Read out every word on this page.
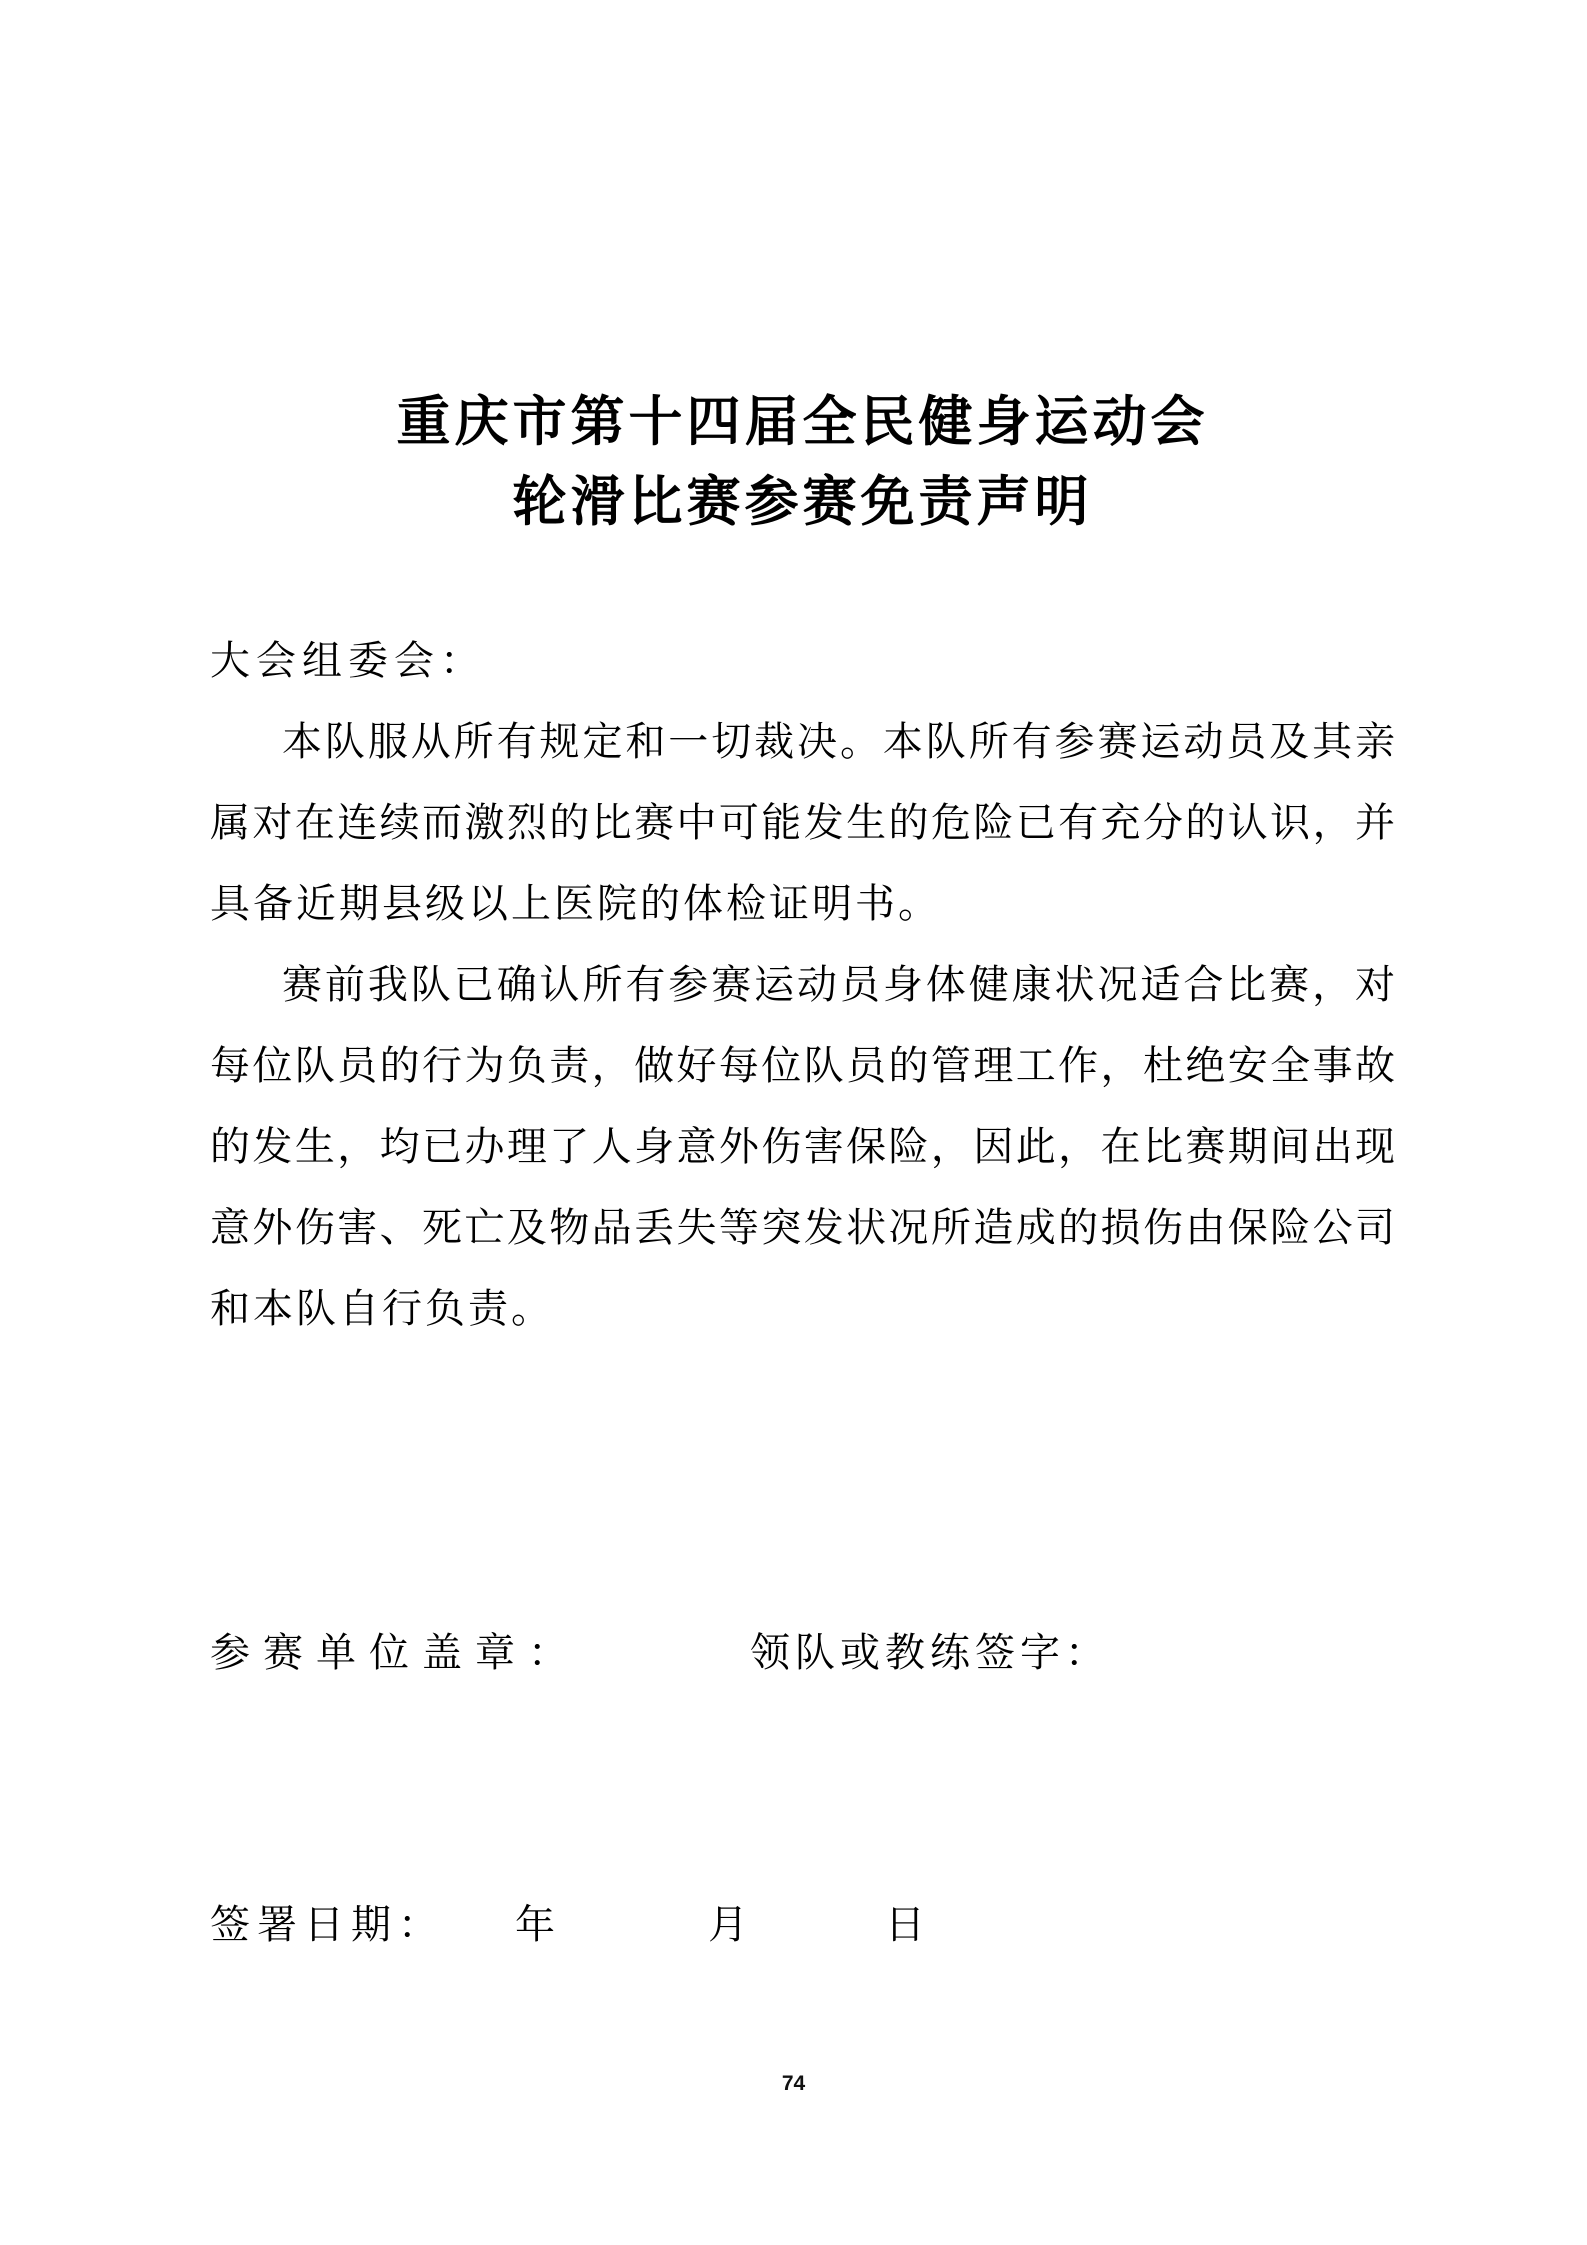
重庆市第十四届全民健身运动会
轮滑比赛参赛免责声明
大会组委会：
本队服从所有规定和一切裁决。本队所有参赛运动员及其亲
属对在连续而激烈的比赛中可能发生的危险已有充分的认识，并
具备近期县级以上医院的体检证明书。
赛前我队已确认所有参赛运动员身体健康状况适合比赛，对
每位队员的行为负责，做好每位队员的管理工作，杜绝安全事故
的发生，均已办理了人身意外伤害保险，因此，在比赛期间出现
意外伤害、死亡及物品丢失等突发状况所造成的损伤由保险公司
和本队自行负责。
参赛单位盖章：	领队或教练签字：
签署日期： 年	月	日
74
